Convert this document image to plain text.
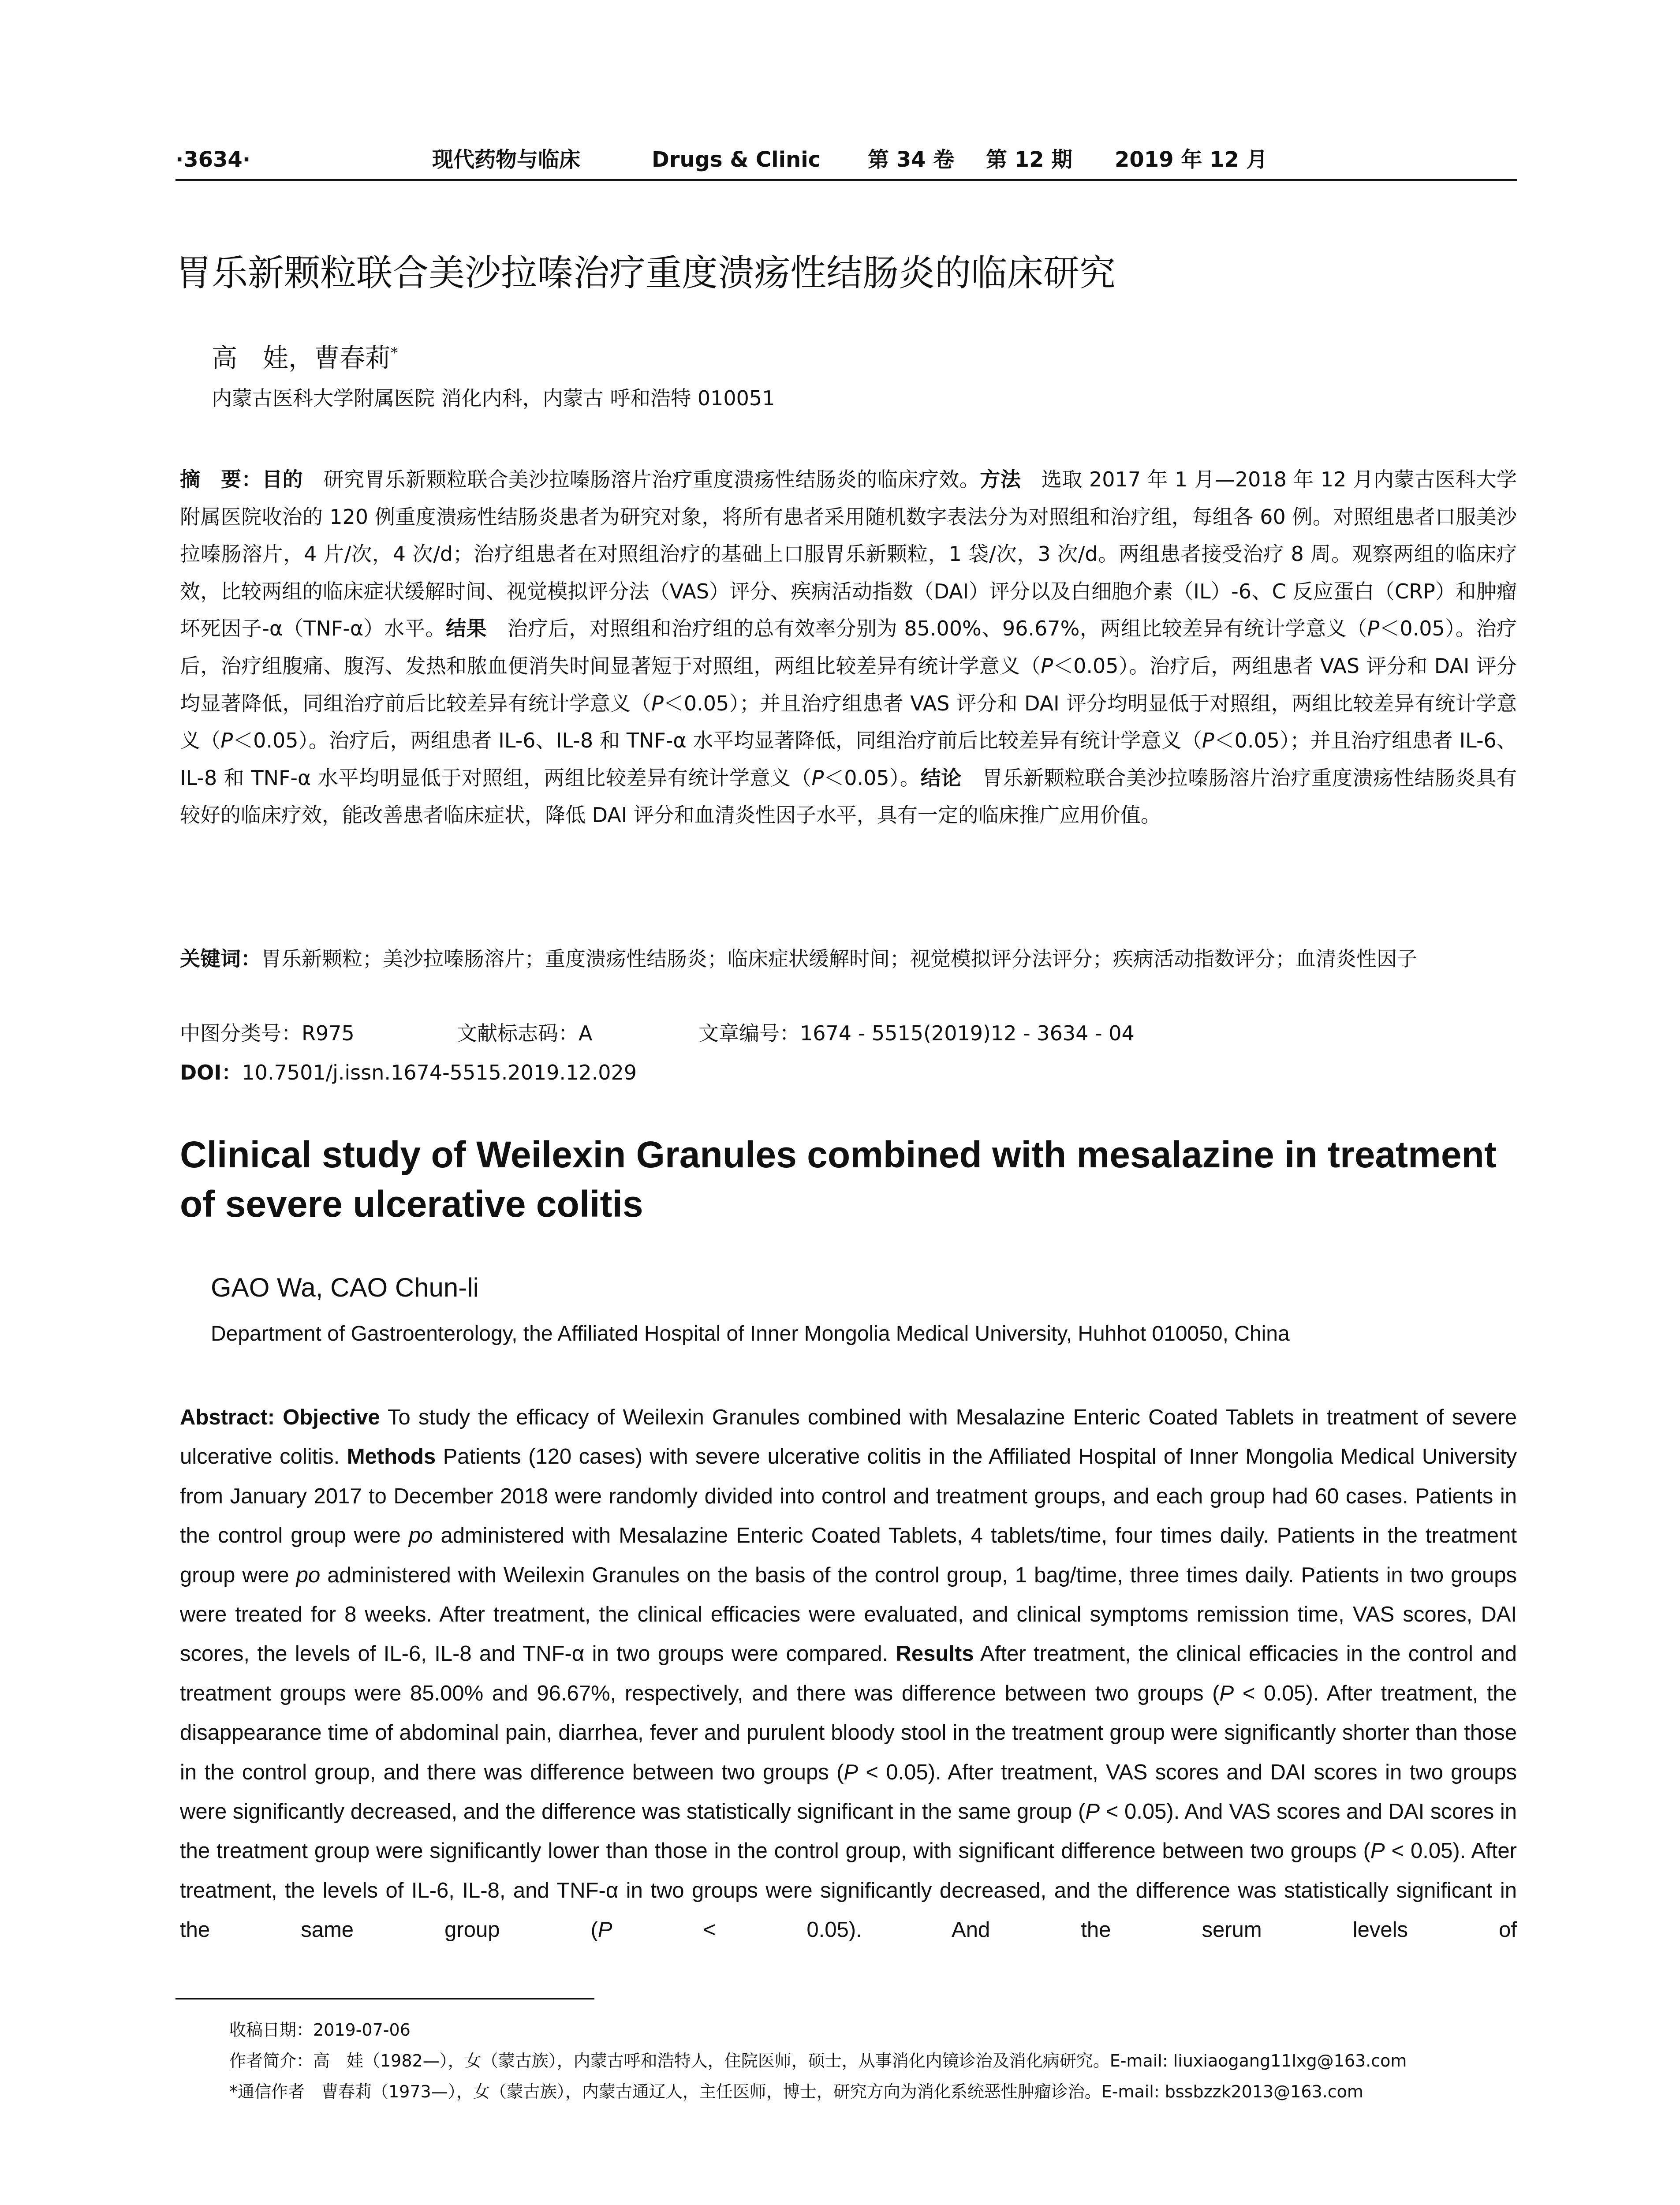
·3634·	现代药物与临床	Drugs & Clinic 第 34 卷 第 12 期 2019 年 12 月
胃乐新颗粒联合美沙拉嗪治疗重度溃疡性结肠炎的临床研究
高　娃，曹春莉*
内蒙古医科大学附属医院 消化内科，内蒙古 呼和浩特 010051
摘　要：目的　研究胃乐新颗粒联合美沙拉嗪肠溶片治疗重度溃疡性结肠炎的临床疗效。方法　选取 2017 年 1 月—2018 年 12 月内蒙古医科大学附属医院收治的 120 例重度溃疡性结肠炎患者为研究对象，将所有患者采用随机数字表法分为对照组和治疗组，每组各 60 例。对照组患者口服美沙拉嗪肠溶片，4 片/次，4 次/d；治疗组患者在对照组治疗的基础上口服胃乐新颗粒，1 袋/次，3 次/d。两组患者接受治疗 8 周。观察两组的临床疗效，比较两组的临床症状缓解时间、视觉模拟评分法（VAS）评分、疾病活动指数（DAI）评分以及白细胞介素（IL）-6、C 反应蛋白（CRP）和肿瘤坏死因子-α（TNF-α）水平。结果　治疗后，对照组和治疗组的总有效率分别为 85.00%、96.67%，两组比较差异有统计学意义（P＜0.05）。治疗后，治疗组腹痛、腹泻、发热和脓血便消失时间显著短于对照组，两组比较差异有统计学意义（P＜0.05）。治疗后，两组患者 VAS 评分和 DAI 评分均显著降低，同组治疗前后比较差异有统计学意义（P＜0.05）；并且治疗组患者 VAS 评分和 DAI 评分均明显低于对照组，两组比较差异有统计学意义（P＜0.05）。治疗后，两组患者 IL-6、IL-8 和 TNF-α 水平均显著降低，同组治疗前后比较差异有统计学意义（P＜0.05）；并且治疗组患者 IL-6、IL-8 和 TNF-α 水平均明显低于对照组，两组比较差异有统计学意义（P＜0.05）。结论　胃乐新颗粒联合美沙拉嗪肠溶片治疗重度溃疡性结肠炎具有较好的临床疗效，能改善患者临床症状，降低 DAI 评分和血清炎性因子水平，具有一定的临床推广应用价值。
关键词：胃乐新颗粒；美沙拉嗪肠溶片；重度溃疡性结肠炎；临床症状缓解时间；视觉模拟评分法评分；疾病活动指数评分；血清炎性因子
中图分类号：R975	文献标志码：A	文章编号：1674 - 5515(2019)12 - 3634 - 04
DOI：10.7501/j.issn.1674-5515.2019.12.029
Clinical study of Weilexin Granules combined with mesalazine in treatment of severe ulcerative colitis
GAO Wa, CAO Chun-li
Department of Gastroenterology, the Affiliated Hospital of Inner Mongolia Medical University, Huhhot 010050, China
Abstract: Objective To study the efficacy of Weilexin Granules combined with Mesalazine Enteric Coated Tablets in treatment of severe ulcerative colitis. Methods Patients (120 cases) with severe ulcerative colitis in the Affiliated Hospital of Inner Mongolia Medical University from January 2017 to December 2018 were randomly divided into control and treatment groups, and each group had 60 cases. Patients in the control group were po administered with Mesalazine Enteric Coated Tablets, 4 tablets/time, four times daily. Patients in the treatment group were po administered with Weilexin Granules on the basis of the control group, 1 bag/time, three times daily. Patients in two groups were treated for 8 weeks. After treatment, the clinical efficacies were evaluated, and clinical symptoms remission time, VAS scores, DAI scores, the levels of IL-6, IL-8 and TNF-α in two groups were compared. Results After treatment, the clinical efficacies in the control and treatment groups were 85.00% and 96.67%, respectively, and there was difference between two groups (P < 0.05). After treatment, the disappearance time of abdominal pain, diarrhea, fever and purulent bloody stool in the treatment group were significantly shorter than those in the control group, and there was difference between two groups (P < 0.05). After treatment, VAS scores and DAI scores in two groups were significantly decreased, and the difference was statistically significant in the same group (P < 0.05). And VAS scores and DAI scores in the treatment group were significantly lower than those in the control group, with significant difference between two groups (P < 0.05). After treatment, the levels of IL-6, IL-8, and TNF-α in two groups were significantly decreased, and the difference was statistically significant in the same group (P < 0.05). And the serum levels of
收稿日期：2019-07-06
作者简介：高　娃（1982—），女（蒙古族），内蒙古呼和浩特人，住院医师，硕士，从事消化内镜诊治及消化病研究。E-mail: liuxiaogang11lxg@163.com
*通信作者　曹春莉（1973—），女（蒙古族），内蒙古通辽人，主任医师，博士，研究方向为消化系统恶性肿瘤诊治。E-mail: bssbzzk2013@163.com
